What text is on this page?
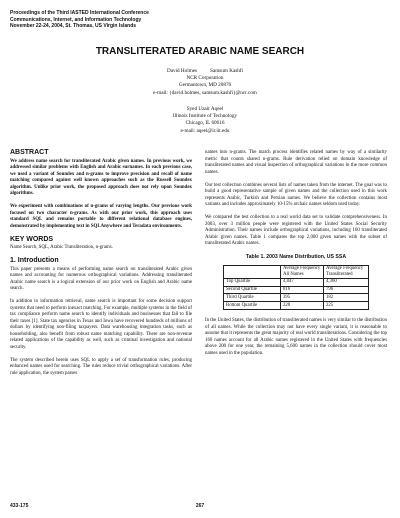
Proceedings of the Third IASTED International Conference
Communications, Internet, and Information Technology
November 22-24, 2004, St. Thomas, US Virgin Islands
TRANSLITERATED ARABIC NAME SEARCH
David Holmes          Samsum Kashfi
NCR Corporation
Germantown, MD 20876
e-mail: {david.holmes, samsum.kashfi}@ncr.com
Syed Uzair Aqeel
Illinois Institute of Technology
Chicago, IL 60616
e-mail: aqeel@ir.iit.edu
ABSTRACT

We address name search for transliterated Arabic given names. In previous work, we addressed similar problems with English and Arabic surnames. In each previous case, we used a variant of Soundex and n-grams to improve precision and recall of name matching compared against well known approaches such as the Russell Soundex algorithm. Unlike prior work, the proposed approach does not rely upon Soundex algorithms.

We experiment with combinations of n-grams of varying lengths. Our previous work focused on two character n-grams. As with our prior work, this approach uses standard SQL and remains portable to different relational database engines, demonstrated by implementing text in SQLAnywhere and Teradata environments.

KEY WORDS

Name Search, SQL, Arabic Transliteration, n-grams.

1. Introduction

This paper presents a means of performing name search on transliterated Arabic given names and accounting for numerous orthographical variations. Addressing transliterated Arabic name search is a logical extension of our prior work on English and Arabic name search.

In addition to information retrieval, name search is important for some decision support systems that need to perform inexact matching. For example, multiple systems in the field of tax compliance perform name search to identify individuals and businesses that fail to file their taxes [1]. State tax agencies in Texas and Iowa have recovered hundreds of millions of dollars by identifying non-filing taxpayers. Data warehousing integration tasks, such as householding, also benefit from robust name matching capability. There are non-revenue related applications of the capability as well, such as criminal investigation and national security.

The system described herein uses SQL to apply a set of transformation rules, producing enhanced names used for searching. The rules reduce trivial orthographical variations. After rule application, the system parses

names into n-grams. The match process identifies related names by way of a similarity metric that counts shared n-grams. Rule derivation relied on domain knowledge of transliterated names and visual inspection of orthographical variations in the more common names.

Our test collection combines several lists of names taken from the internet. The goal was to build a good representative sample of given names and the collection used in this work represents Arabic, Turkish and Persian names. We believe the collection contains most variants and includes approximately 10-15% archaic names seldom used today.

We compared the test collection to a real world data set to validate comprehensiveness. In 2003, over 3 million people were registered with the United States Social Security Administration. Their names include orthographical variations, including 160 transliterated Arabic given names. Table 1 compares the top 2,000 given names with the subset of transliterated Arabic names.

Table 1. 2003 Name Distribution, US SSA
	Average Frequency All Names	Average Frequency Transliterated
Top Quartile	4,847	4,360
Second Quartile	816	796
Third Quartile	395	182
Bottom Quartile	228	225

In the United States, the distribution of transliterated names is very similar to the distribution of all names. While the collection may not have every single variant, it is reasonable to assume that it represents the great majority of real world transliterations. Considering the top 160 names account for all Arabic names registered in the United States with frequencies above 200 for one year, the remaining 5,600 names in the collection should cover most names used in the population.

433-175	267
